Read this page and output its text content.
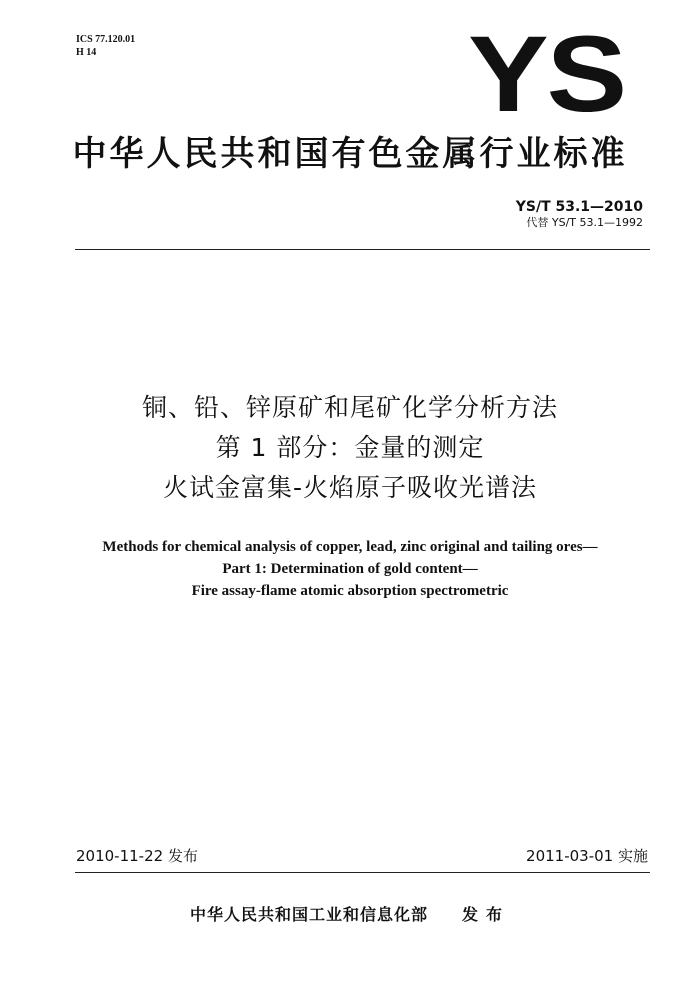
ICS 77.120.01
H 14	YS
中华人民共和国有色金属行业标准
YS/T 53.1—2010
代替 YS/T 53.1—1992
铜、铅、锌原矿和尾矿化学分析方法
第 1 部分：金量的测定
火试金富集-火焰原子吸收光谱法
Methods for chemical analysis of copper, lead, zinc original and tailing ores—
Part 1: Determination of gold content—
Fire assay-flame atomic absorption spectrometric
2010-11-22 发布	2011-03-01 实施
中华人民共和国工业和信息化部 发布
